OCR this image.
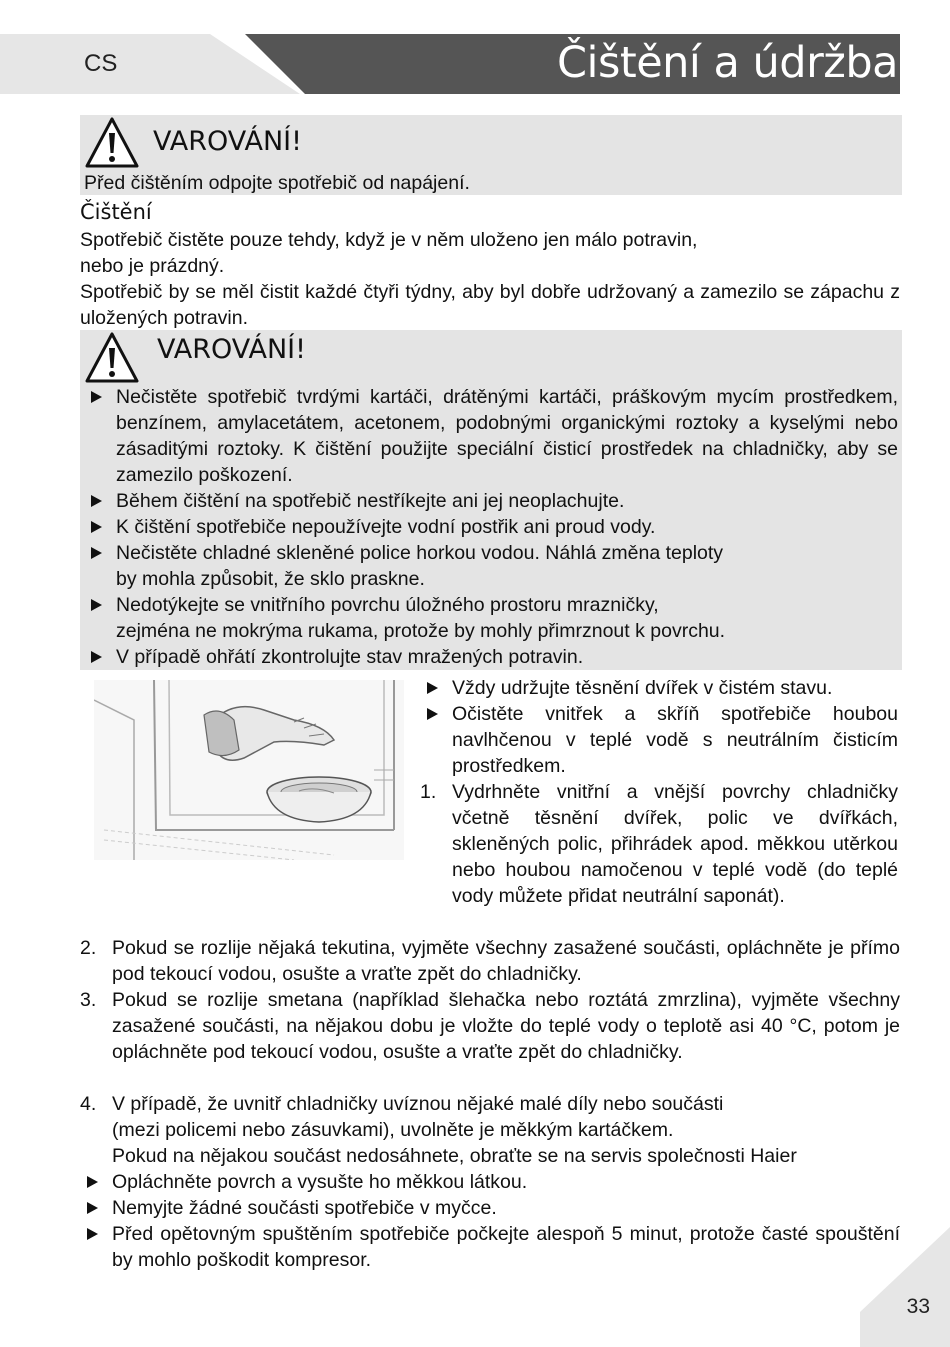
CS	Čištění a údržba
VAROVÁNÍ!
Před čištěním odpojte spotřebič od napájení.
Čištění
Spotřebič čistěte pouze tehdy, když je v něm uloženo jen málo potravin,
nebo je prázdný.
Spotřebič by se měl čistit každé čtyři týdny, aby byl dobře udržovaný a zamezilo se zápachu z uložených potravin.
VAROVÁNÍ!
Nečistěte spotřebič tvrdými kartáči, drátěnými kartáči, práškovým mycím prostředkem, benzínem, amylacetátem, acetonem, podobnými organickými roztoky a kyselými nebo zásaditými roztoky. K čištění použijte speciální čisticí prostředek na chladničky, aby se zamezilo poškození.
Během čištění na spotřebič nestříkejte ani jej neoplachujte.
K čištění spotřebiče nepoužívejte vodní postřik ani proud vody.
Nečistěte chladné skleněné police horkou vodou. Náhlá změna teploty
by mohla způsobit, že sklo praskne.
Nedotýkejte se vnitřního povrchu úložného prostoru mrazničky,
zejména ne mokrýma rukama, protože by mohly přimrznout k povrchu.
V případě ohřátí zkontrolujte stav mražených potravin.
Vždy udržujte těsnění dvířek v čistém stavu.
Očistěte vnitřek a skříň spotřebiče houbou navlhčenou v teplé vodě s neutrálním čisticím prostředkem.
1. Vydrhněte vnitřní a vnější povrchy chladničky včetně těsnění dvířek, polic ve dvířkách, skleněných polic, přihrádek apod. měkkou utěrkou nebo houbou namočenou v teplé vodě (do teplé vody můžete přidat neutrální saponát).
2. Pokud se rozlije nějaká tekutina, vyjměte všechny zasažené součásti, opláchněte je přímo pod tekoucí vodou, osušte a vraťte zpět do chladničky.
3. Pokud se rozlije smetana (například šlehačka nebo roztátá zmrzlina), vyjměte všechny zasažené součásti, na nějakou dobu je vložte do teplé vody o teplotě asi 40 °C, potom je opláchněte pod tekoucí vodou, osušte a vraťte zpět do chladničky.
4. V případě, že uvnitř chladničky uvíznou nějaké malé díly nebo součásti
(mezi policemi nebo zásuvkami), uvolněte je měkkým kartáčkem.
Pokud na nějakou součást nedosáhnete, obraťte se na servis společnosti Haier
Opláchněte povrch a vysušte ho měkkou látkou.
Nemyjte žádné součásti spotřebiče v myčce.
Před opětovným spuštěním spotřebiče počkejte alespoň 5 minut, protože časté spouštění by mohlo poškodit kompresor.
33
